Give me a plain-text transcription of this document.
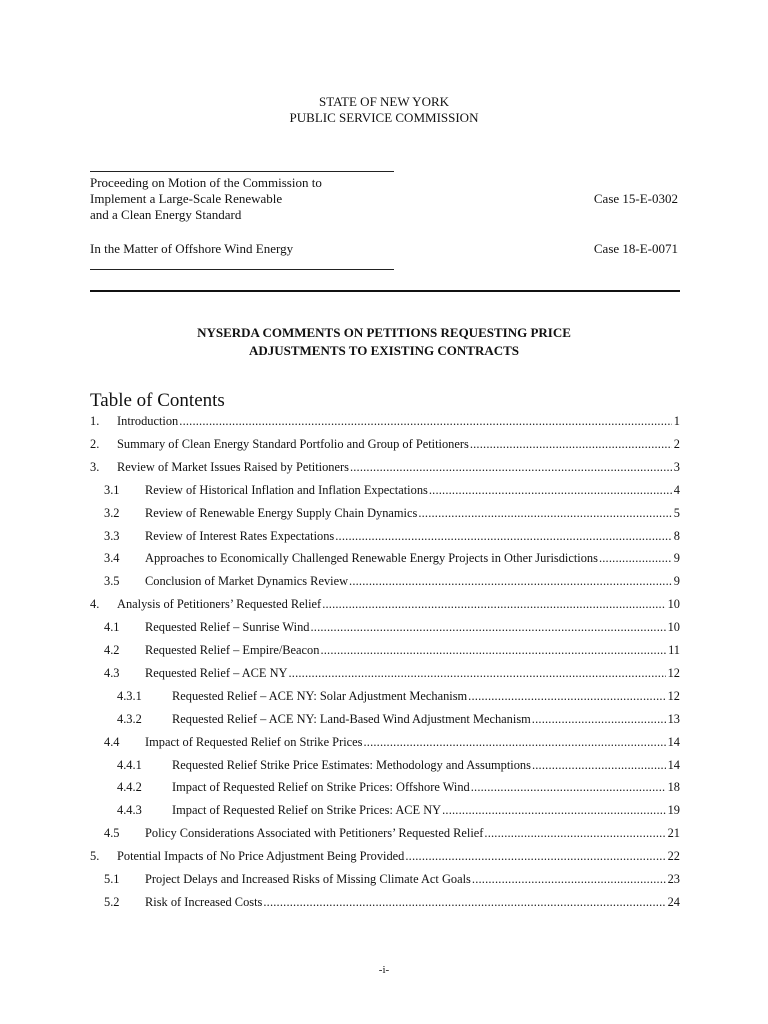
STATE OF NEW YORK
PUBLIC SERVICE COMMISSION
Proceeding on Motion of the Commission to
Implement a Large-Scale Renewable	Case 15-E-0302
and a Clean Energy Standard
In the Matter of Offshore Wind Energy	Case 18-E-0071
NYSERDA COMMENTS ON PETITIONS REQUESTING PRICE
ADJUSTMENTS TO EXISTING CONTRACTS
Table of Contents
1.	Introduction .....	1
2.	Summary of Clean Energy Standard Portfolio and Group of Petitioners .....	2
3.	Review of Market Issues Raised by Petitioners .....	3
3.1	Review of Historical Inflation and Inflation Expectations .....	4
3.2	Review of Renewable Energy Supply Chain Dynamics .....	5
3.3	Review of Interest Rates Expectations .....	8
3.4	Approaches to Economically Challenged Renewable Energy Projects in Other Jurisdictions .....	9
3.5	Conclusion of Market Dynamics Review .....	9
4.	Analysis of Petitioners’ Requested Relief .....	10
4.1	Requested Relief – Sunrise Wind .....	10
4.2	Requested Relief – Empire/Beacon .....	11
4.3	Requested Relief – ACE NY .....	12
4.3.1	Requested Relief – ACE NY: Solar Adjustment Mechanism .....	12
4.3.2	Requested Relief – ACE NY: Land-Based Wind Adjustment Mechanism .....	13
4.4	Impact of Requested Relief on Strike Prices .....	14
4.4.1	Requested Relief Strike Price Estimates: Methodology and Assumptions .....	14
4.4.2	Impact of Requested Relief on Strike Prices: Offshore Wind .....	18
4.4.3	Impact of Requested Relief on Strike Prices: ACE NY .....	19
4.5	Policy Considerations Associated with Petitioners’ Requested Relief .....	21
5.	Potential Impacts of No Price Adjustment Being Provided .....	22
5.1	Project Delays and Increased Risks of Missing Climate Act Goals .....	23
5.2	Risk of Increased Costs .....	24
-i-
